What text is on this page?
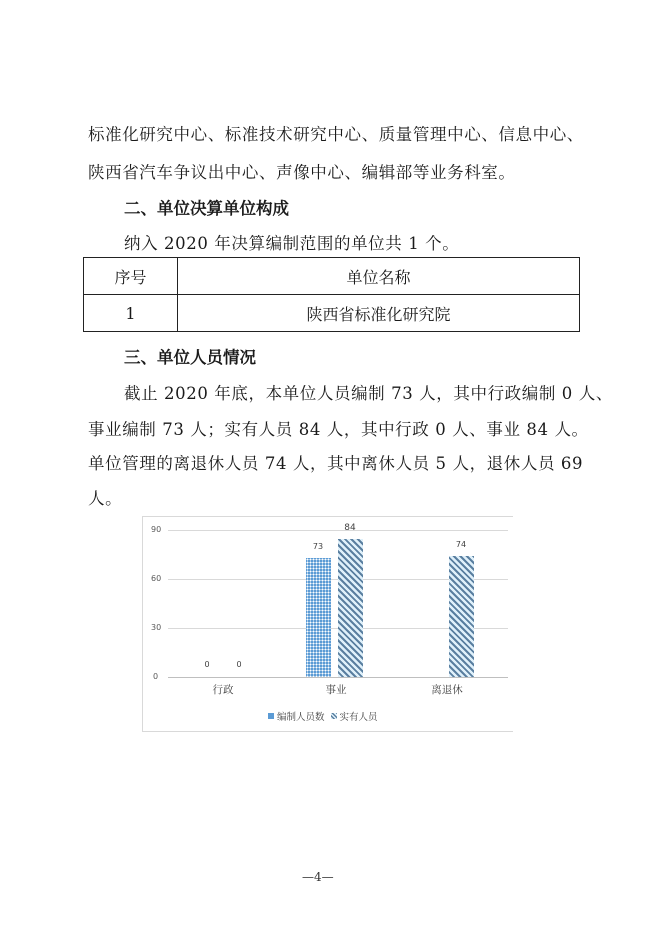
标准化研究中心、标准技术研究中心、质量管理中心、信息中心、
陕西省汽车争议出中心、声像中心、编辑部等业务科室。
二、单位决算单位构成
纳入 2020 年决算编制范围的单位共 1 个。
序号	单位名称
1	陕西省标准化研究院
三、单位人员情况
截止 2020 年底，本单位人员编制 73 人，其中行政编制 0 人、
事业编制 73 人；实有人员 84 人，其中行政 0 人、事业 84 人。
单位管理的离退休人员 74 人，其中离休人员 5 人，退休人员 69
人。
90
60
30
0
0	0
73
84
74
行政	事业	离退休
编制人员数 实有人员
—4—
